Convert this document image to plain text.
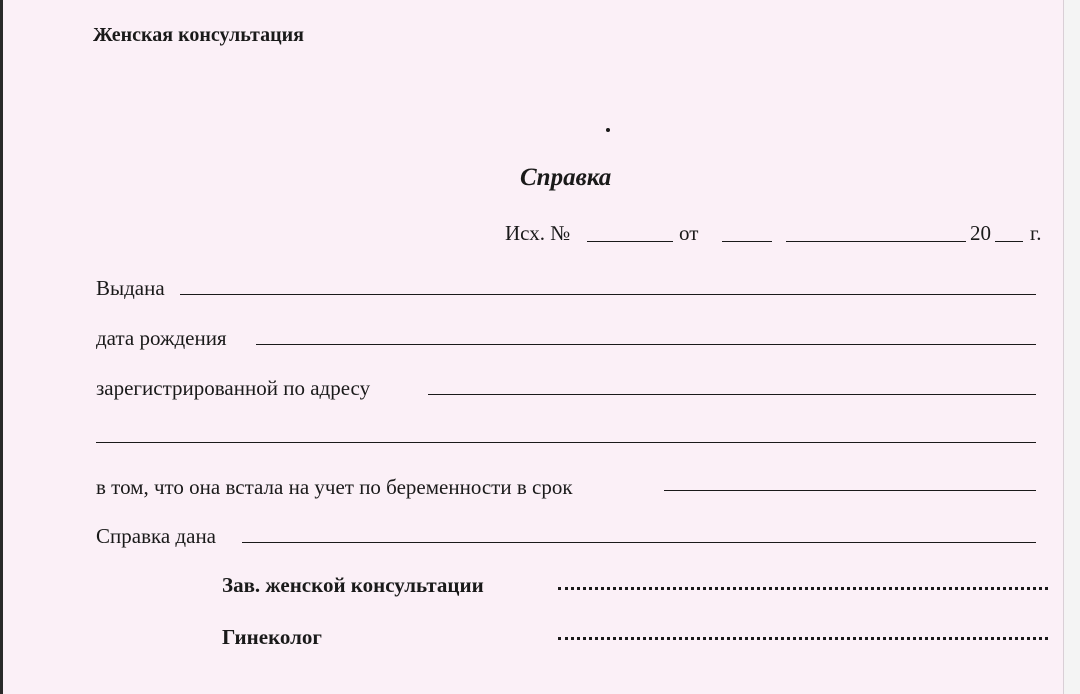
Женская консультация
Справка
Исх. №	от	20 г.
Выдана
дата рождения
зарегистрированной по адресу
в том, что она встала на учет по беременности в срок
Справка дана
Зав. женской консультации
Гинеколог
